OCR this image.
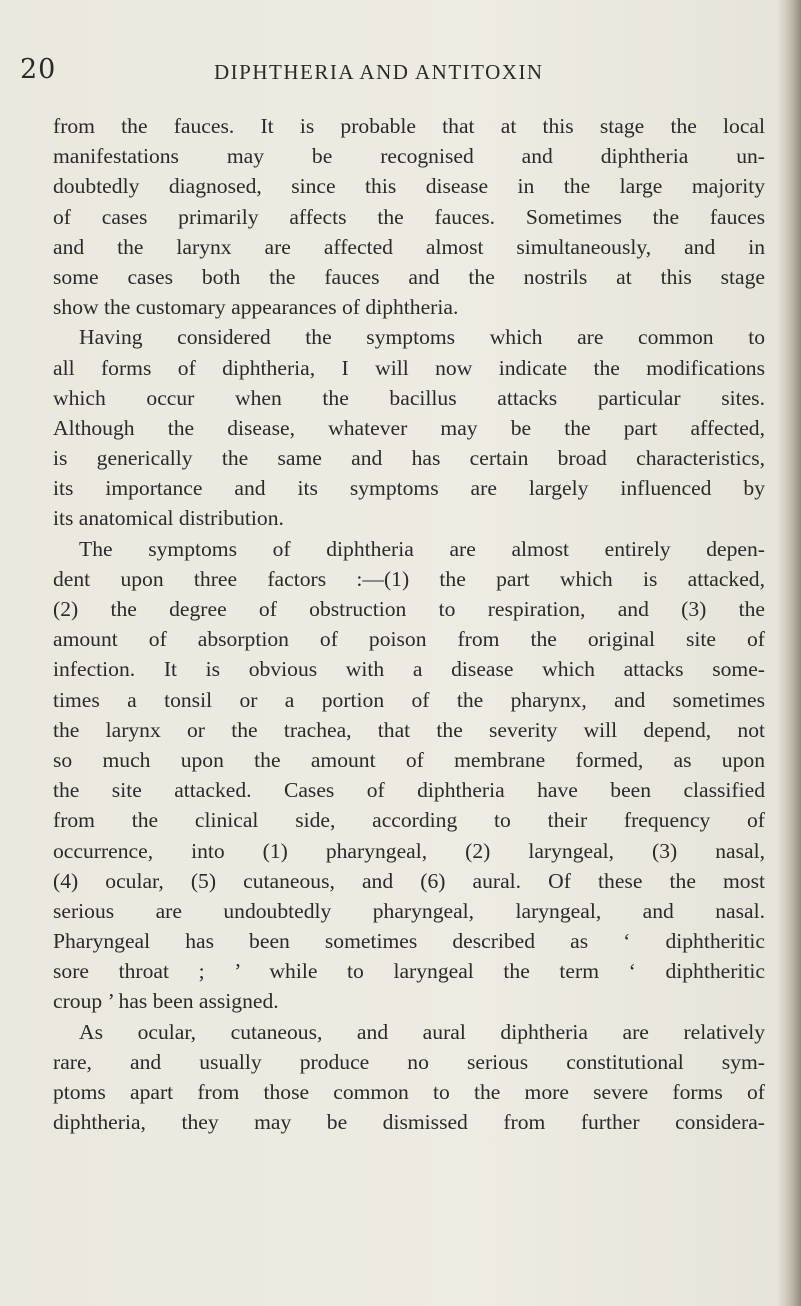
20	DIPHTHERIA AND ANTITOXIN
from the fauces. It is probable that at this stage the local
manifestations may be recognised and diphtheria un-
doubtedly diagnosed, since this disease in the large majority
of cases primarily affects the fauces. Sometimes the fauces
and the larynx are affected almost simultaneously, and in
some cases both the fauces and the nostrils at this stage
show the customary appearances of diphtheria.
Having considered the symptoms which are common to
all forms of diphtheria, I will now indicate the modifications
which occur when the bacillus attacks particular sites.
Although the disease, whatever may be the part affected,
is generically the same and has certain broad characteristics,
its importance and its symptoms are largely influenced by
its anatomical distribution.
The symptoms of diphtheria are almost entirely depen-
dent upon three factors :—(1) the part which is attacked,
(2) the degree of obstruction to respiration, and (3) the
amount of absorption of poison from the original site of
infection. It is obvious with a disease which attacks some-
times a tonsil or a portion of the pharynx, and sometimes
the larynx or the trachea, that the severity will depend, not
so much upon the amount of membrane formed, as upon
the site attacked. Cases of diphtheria have been classified
from the clinical side, according to their frequency of
occurrence, into (1) pharyngeal, (2) laryngeal, (3) nasal,
(4) ocular, (5) cutaneous, and (6) aural. Of these the most
serious are undoubtedly pharyngeal, laryngeal, and nasal.
Pharyngeal has been sometimes described as ‘ diphtheritic
sore throat ; ’ while to laryngeal the term ‘ diphtheritic
croup ’ has been assigned.
As ocular, cutaneous, and aural diphtheria are relatively
rare, and usually produce no serious constitutional sym-
ptoms apart from those common to the more severe forms of
diphtheria, they may be dismissed from further considera-
